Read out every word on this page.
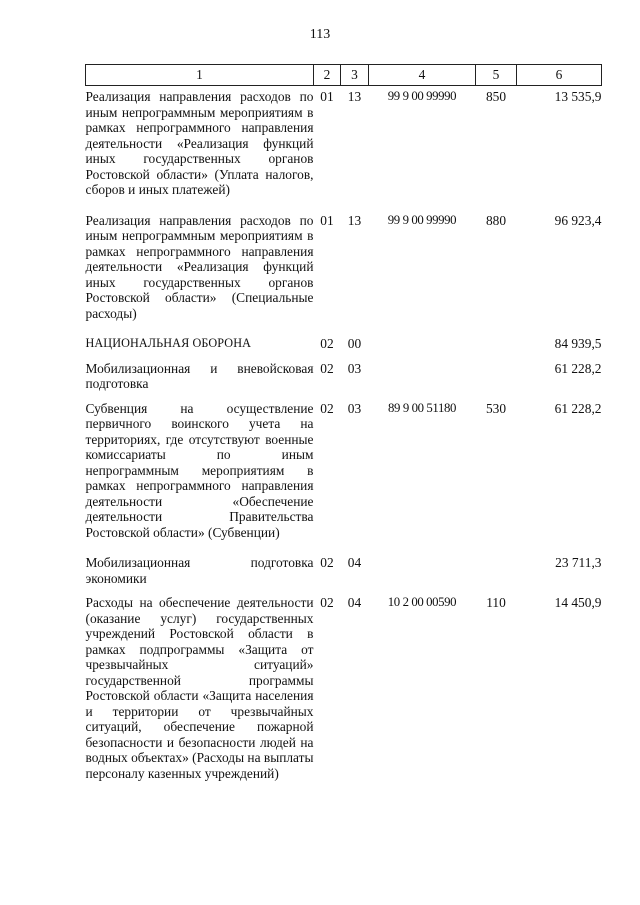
113
1	2	3	4	5	6
Реализация направления расходов по иным непрограммным мероприятиям в рамках непрограммного направления деятельности «Реализация функций иных государственных органов Ростовской области» (Уплата налогов, сборов и иных платежей)	01	13	99 9 00 99990	850	13 535,9
Реализация направления расходов по иным непрограммным мероприятиям в рамках непрограммного направления деятельности «Реализация функций иных государственных органов Ростовской области» (Специальные расходы)	01	13	99 9 00 99990	880	96 923,4
НАЦИОНАЛЬНАЯ ОБОРОНА	02	00			84 939,5
Мобилизационная и вневойсковая подготовка	02	03			61 228,2
Субвенция на осуществление первичного воинского учета на территориях, где отсутствуют военные комиссариаты по иным непрограммным мероприятиям в рамках непрограммного направления деятельности «Обеспечение деятельности Правительства Ростовской области» (Субвенции)	02	03	89 9 00 51180	530	61 228,2
Мобилизационная подготовка экономики	02	04			23 711,3
Расходы на обеспечение деятельности (оказание услуг) государственных учреждений Ростовской области в рамках подпрограммы «Защита от чрезвычайных ситуаций» государственной программы Ростовской области «Защита населения и территории от чрезвычайных ситуаций, обеспечение пожарной безопасности и безопасности людей на водных объектах» (Расходы на выплаты персоналу казенных учреждений)	02	04	10 2 00 00590	110	14 450,9
